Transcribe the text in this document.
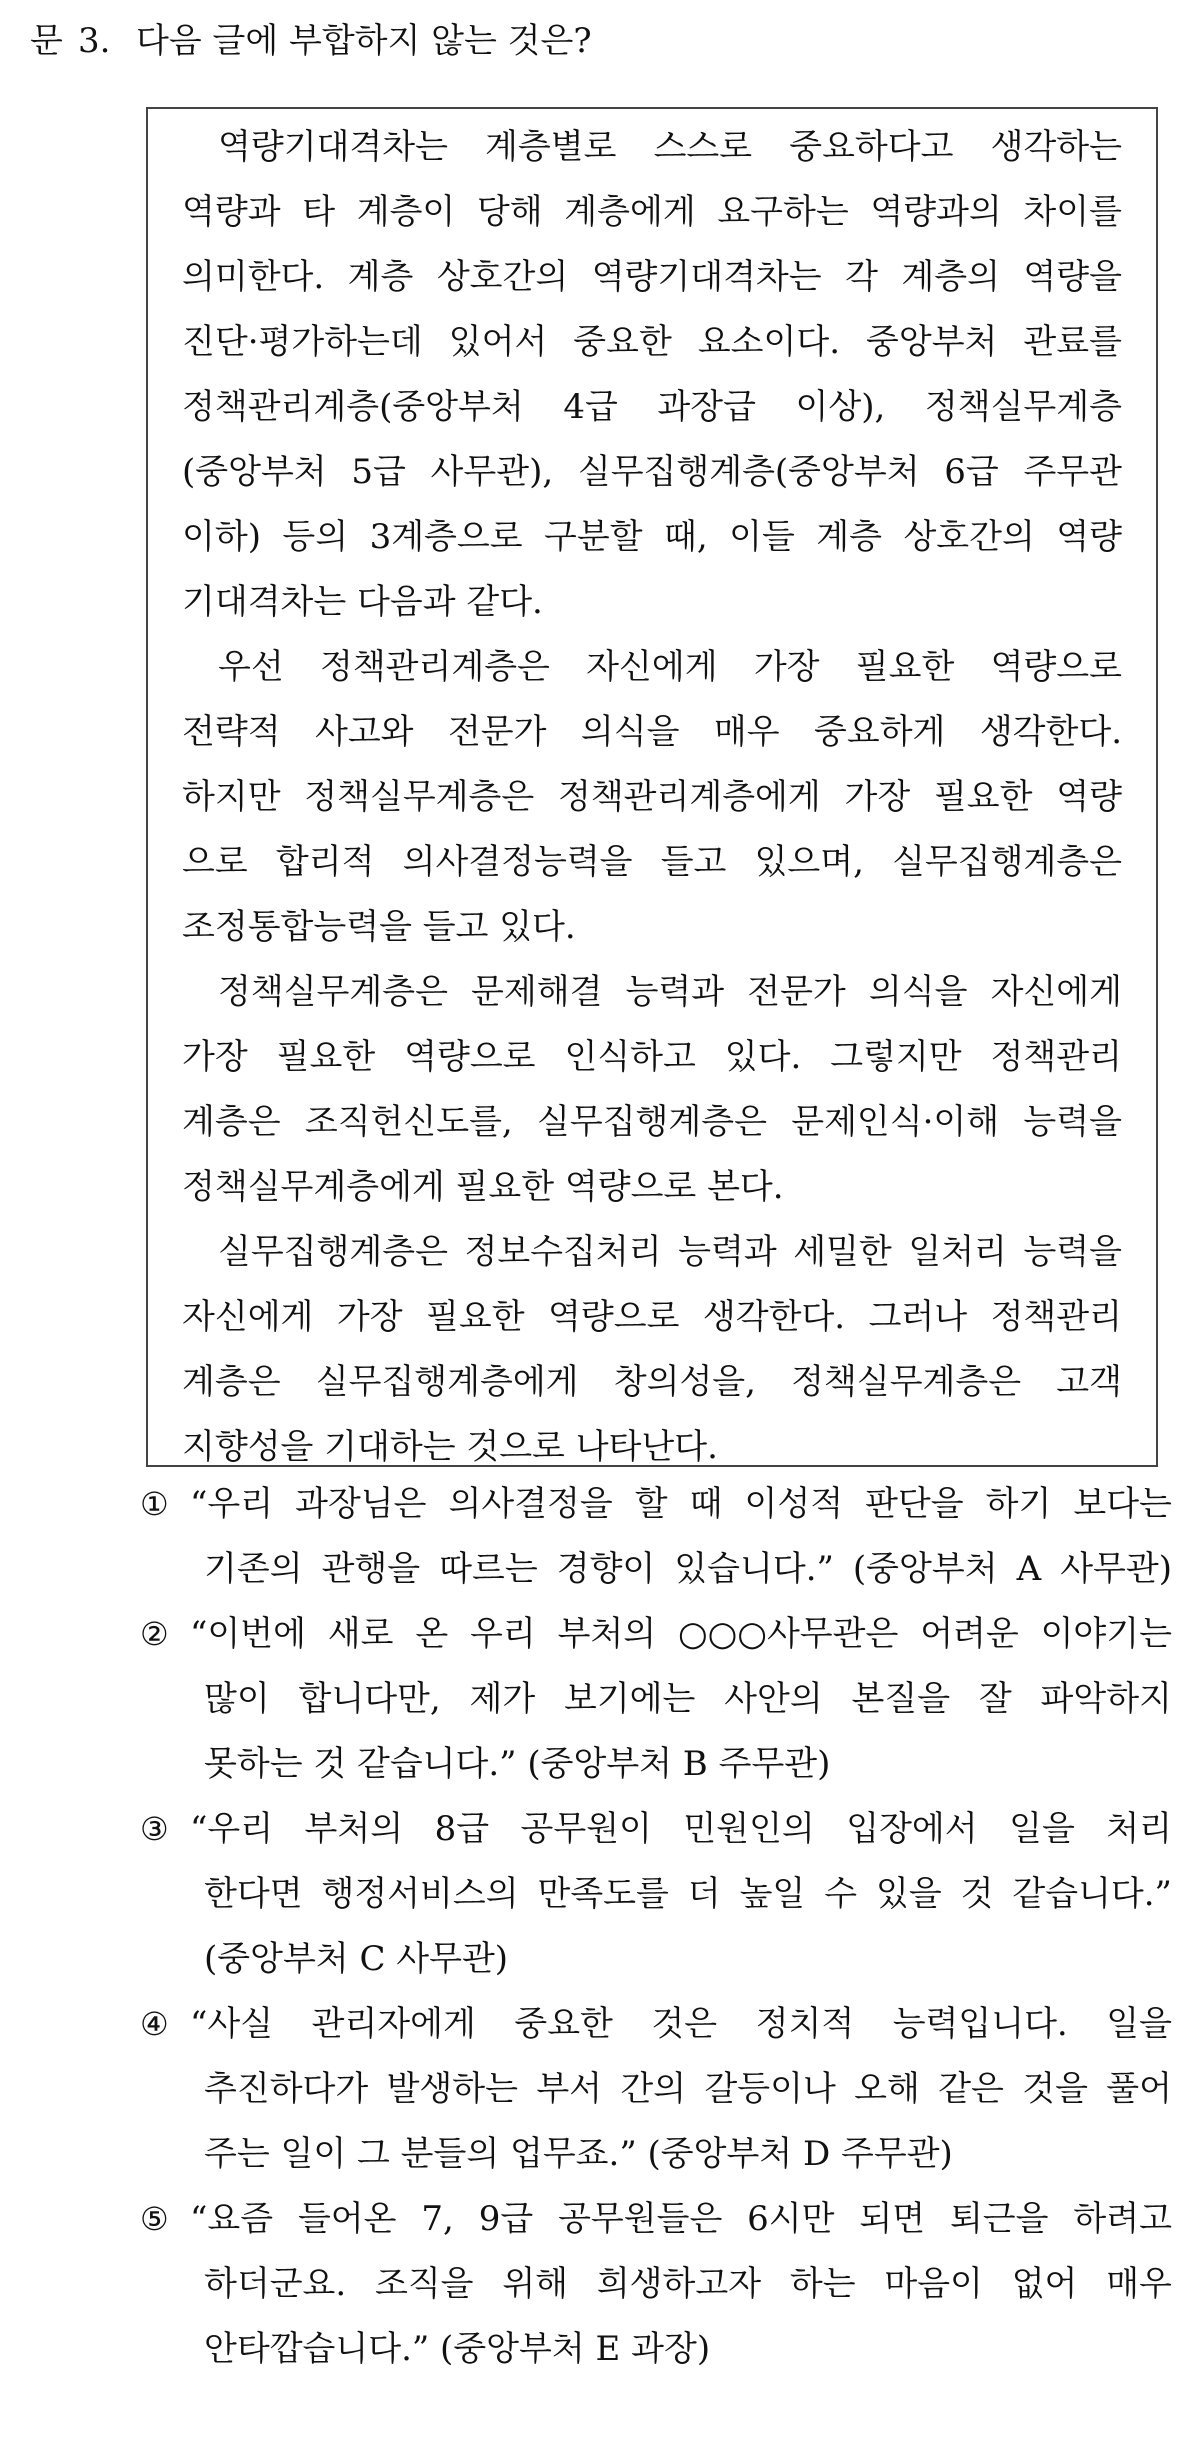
문 3. 다음 글에 부합하지 않는 것은?
역량기대격차는 계층별로 스스로 중요하다고 생각하는
역량과 타 계층이 당해 계층에게 요구하는 역량과의 차이를
의미한다. 계층 상호간의 역량기대격차는 각 계층의 역량을
진단·평가하는데 있어서 중요한 요소이다. 중앙부처 관료를
정책관리계층(중앙부처 4급 과장급 이상), 정책실무계층
(중앙부처 5급 사무관), 실무집행계층(중앙부처 6급 주무관
이하) 등의 3계층으로 구분할 때, 이들 계층 상호간의 역량
기대격차는 다음과 같다.
우선 정책관리계층은 자신에게 가장 필요한 역량으로
전략적 사고와 전문가 의식을 매우 중요하게 생각한다.
하지만 정책실무계층은 정책관리계층에게 가장 필요한 역량
으로 합리적 의사결정능력을 들고 있으며, 실무집행계층은
조정통합능력을 들고 있다.
정책실무계층은 문제해결 능력과 전문가 의식을 자신에게
가장 필요한 역량으로 인식하고 있다. 그렇지만 정책관리
계층은 조직헌신도를, 실무집행계층은 문제인식·이해 능력을
정책실무계층에게 필요한 역량으로 본다.
실무집행계층은 정보수집처리 능력과 세밀한 일처리 능력을
자신에게 가장 필요한 역량으로 생각한다. 그러나 정책관리
계층은 실무집행계층에게 창의성을, 정책실무계층은 고객
지향성을 기대하는 것으로 나타난다.
① “우리 과장님은 의사결정을 할 때 이성적 판단을 하기 보다는
기존의 관행을 따르는 경향이 있습니다.” (중앙부처 A 사무관)
② “이번에 새로 온 우리 부처의 ○○○사무관은 어려운 이야기는
많이 합니다만, 제가 보기에는 사안의 본질을 잘 파악하지
못하는 것 같습니다.” (중앙부처 B 주무관)
③ “우리 부처의 8급 공무원이 민원인의 입장에서 일을 처리
한다면 행정서비스의 만족도를 더 높일 수 있을 것 같습니다.”
(중앙부처 C 사무관)
④ “사실 관리자에게 중요한 것은 정치적 능력입니다. 일을
추진하다가 발생하는 부서 간의 갈등이나 오해 같은 것을 풀어
주는 일이 그 분들의 업무죠.” (중앙부처 D 주무관)
⑤ “요즘 들어온 7, 9급 공무원들은 6시만 되면 퇴근을 하려고
하더군요. 조직을 위해 희생하고자 하는 마음이 없어 매우
안타깝습니다.” (중앙부처 E 과장)
